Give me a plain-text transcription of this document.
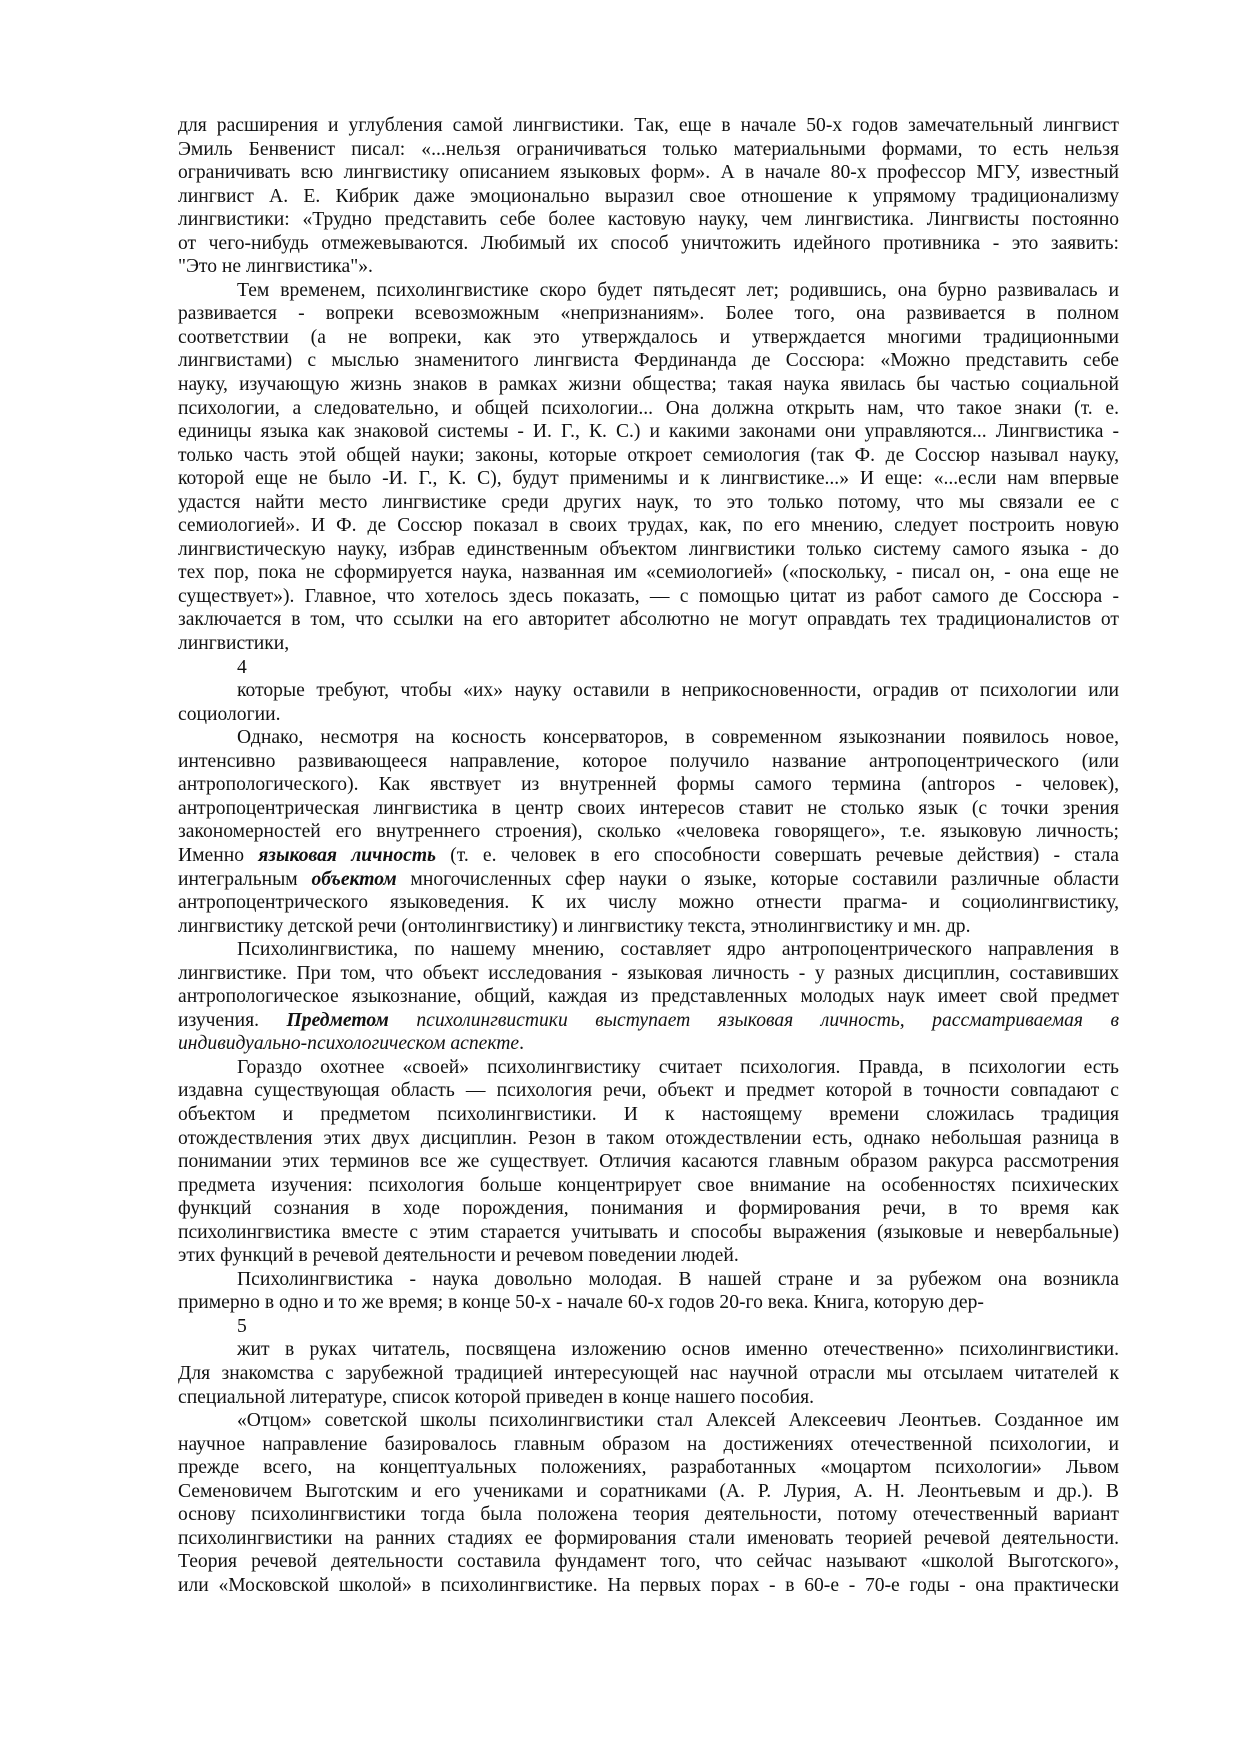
для расширения и углубления самой лингвистики. Так, еще в начале 50-х годов замечательный лингвист
Эмиль Бенвенист писал: «...нельзя ограничиваться только материальными формами, то есть нельзя
ограничивать всю лингвистику описанием языковых форм». А в начале 80-х профессор МГУ, известный
лингвист А. Е. Кибрик даже эмоционально выразил свое отношение к упрямому традиционализму
лингвистики: «Трудно представить себе более кастовую науку, чем лингвистика. Лингвисты постоянно
от чего-нибудь отмежевываются. Любимый их способ уничтожить идейного противника - это заявить:
"Это не лингвистика"».
Тем временем, психолингвистике скоро будет пятьдесят лет; родившись, она бурно развивалась и
развивается - вопреки всевозможным «непризнаниям». Более того, она развивается в полном
соответствии (а не вопреки, как это утверждалось и утверждается многими традиционными
лингвистами) с мыслью знаменитого лингвиста Фердинанда де Соссюра: «Можно представить себе
науку, изучающую жизнь знаков в рамках жизни общества; такая наука явилась бы частью социальной
психологии, а следовательно, и общей психологии... Она должна открыть нам, что такое знаки (т. е.
единицы языка как знаковой системы - И. Г., К. С.) и какими законами они управляются... Лингвистика -
только часть этой общей науки; законы, которые откроет семиология (так Ф. де Соссюр называл науку,
которой еще не было -И. Г., К. С), будут применимы и к лингвистике...» И еще: «...если нам впервые
удастся найти место лингвистике среди других наук, то это только потому, что мы связали ее с
семиологией». И Ф. де Соссюр показал в своих трудах, как, по его мнению, следует построить новую
лингвистическую науку, избрав единственным объектом лингвистики только систему самого языка - до
тех пор, пока не сформируется наука, названная им «семиологией» («поскольку, - писал он, - она еще не
существует»). Главное, что хотелось здесь показать, — с помощью цитат из работ самого де Соссюра -
заключается в том, что ссылки на его авторитет абсолютно не могут оправдать тех традиционалистов от
лингвистики,
4
которые требуют, чтобы «их» науку оставили в неприкосновенности, оградив от психологии или
социологии.
Однако, несмотря на косность консерваторов, в современном языкознании появилось новое,
интенсивно развивающееся направление, которое получило название антропоцентрического (или
антропологического). Как явствует из внутренней формы самого термина (antropos - человек),
антропоцентрическая лингвистика в центр своих интересов ставит не столько язык (с точки зрения
закономерностей его внутреннего строения), сколько «человека говорящего», т.е. языковую личность;
Именно языковая личность (т. е. человек в его способности совершать речевые действия) - стала
интегральным объектом многочисленных сфер науки о языке, которые составили различные области
антропоцентрического языковедения. К их числу можно отнести прагма- и социолингвистику,
лингвистику детской речи (онтолингвистику) и лингвистику текста, этнолингвистику и мн. др.
Психолингвистика, по нашему мнению, составляет ядро антропоцентрического направления в
лингвистике. При том, что объект исследования - языковая личность - у разных дисциплин, составивших
антропологическое языкознание, общий, каждая из представленных молодых наук имеет свой предмет
изучения. Предметом психолингвистики выступает языковая личность, рассматриваемая в
индивидуально-психологическом аспекте.
Гораздо охотнее «своей» психолингвистику считает психология. Правда, в психологии есть
издавна существующая область — психология речи, объект и предмет которой в точности совпадают с
объектом и предметом психолингвистики. И к настоящему времени сложилась традиция
отождествления этих двух дисциплин. Резон в таком отождествлении есть, однако небольшая разница в
понимании этих терминов все же существует. Отличия касаются главным образом ракурса рассмотрения
предмета изучения: психология больше концентрирует свое внимание на особенностях психических
функций сознания в ходе порождения, понимания и формирования речи, в то время как
психолингвистика вместе с этим старается учитывать и способы выражения (языковые и невербальные)
этих функций в речевой деятельности и речевом поведении людей.
Психолингвистика - наука довольно молодая. В нашей стране и за рубежом она возникла
примерно в одно и то же время; в конце 50-х - начале 60-х годов 20-го века. Книга, которую дер-
5
жит в руках читатель, посвящена изложению основ именно отечественно» психолингвистики.
Для знакомства с зарубежной традицией интересующей нас научной отрасли мы отсылаем читателей к
специальной литературе, список которой приведен в конце нашего пособия.
«Отцом» советской школы психолингвистики стал Алексей Алексеевич Леонтьев. Созданное им
научное направление базировалось главным образом на достижениях отечественной психологии, и
прежде всего, на концептуальных положениях, разработанных «моцартом психологии» Львом
Семеновичем Выготским и его учениками и соратниками (А. Р. Лурия, А. Н. Леонтьевым и др.). В
основу психолингвистики тогда была положена теория деятельности, потому отечественный вариант
психолингвистики на ранних стадиях ее формирования стали именовать теорией речевой деятельности.
Теория речевой деятельности составила фундамент того, что сейчас называют «школой Выготского»,
или «Московской школой» в психолингвистике. На первых порах - в 60-е - 70-е годы - она практически
